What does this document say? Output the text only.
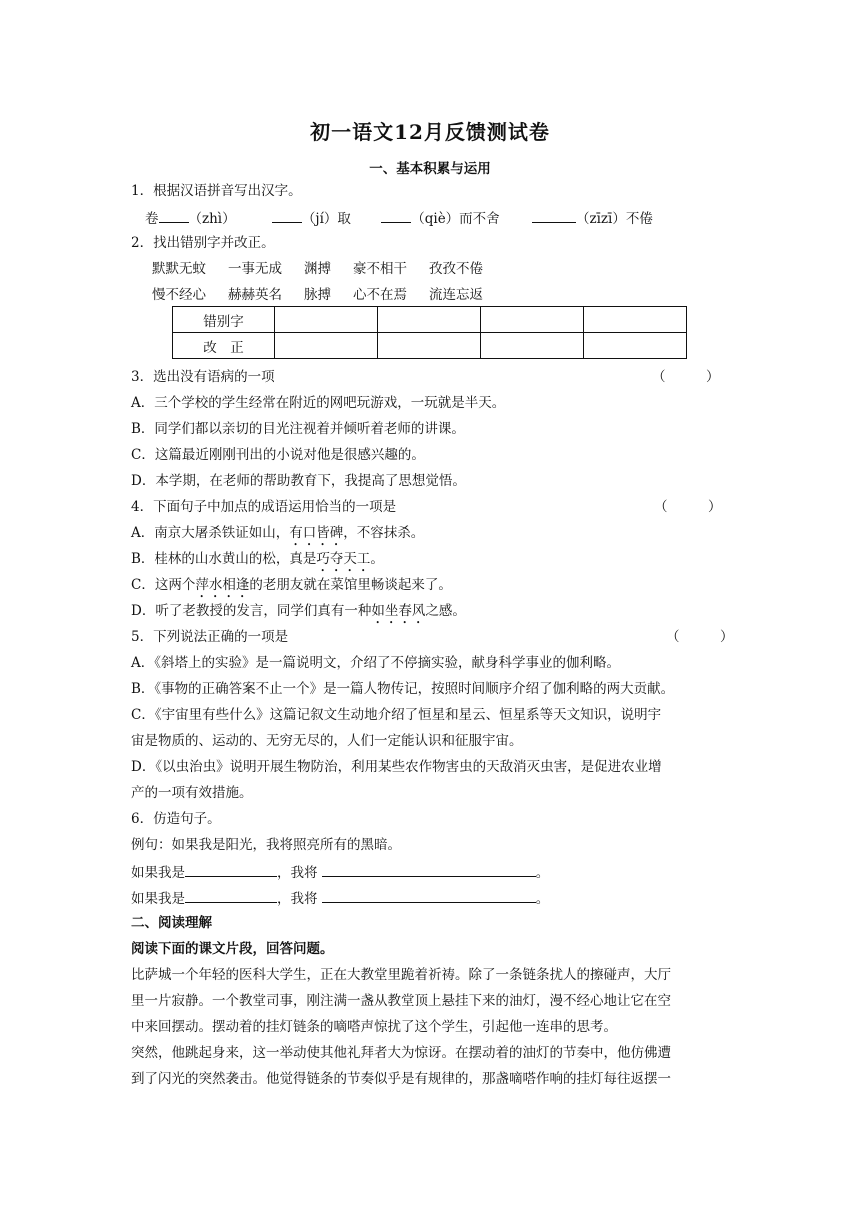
初一语文12月反馈测试卷
一、基本积累与运用
1．根据汉语拼音写出汉字。
卷 （zhì）	（jí）取	（qiè）而不舍	（zīzī）不倦
2．找出错别字并改正。
默默无蚊 一事无成 渊搏 豪不相干 孜孜不倦
慢不经心 赫赫英名 脉搏 心不在焉 流连忘返
错别字				
改　正				
3．选出没有语病的一项	（　　　）
A．三个学校的学生经常在附近的网吧玩游戏，一玩就是半天。
B．同学们都以亲切的目光注视着并倾听着老师的讲课。
C．这篇最近刚刚刊出的小说对他是很感兴趣的。
D．本学期，在老师的帮助教育下，我提高了思想觉悟。
4．下面句子中加点的成语运用恰当的一项是	（　　　）
A．南京大屠杀铁证如山，有口皆碑，不容抹杀。
B．桂林的山水黄山的松，真是巧夺天工。
C．这两个萍水相逢的老朋友就在菜馆里畅谈起来了。
D．听了老教授的发言，同学们真有一种如坐春风之感。
5．下列说法正确的一项是	（　　　）
A．《斜塔上的实验》是一篇说明文，介绍了不停摘实验，献身科学事业的伽利略。
B．《事物的正确答案不止一个》是一篇人物传记，按照时间顺序介绍了伽利略的两大贡献。
C．《宇宙里有些什么》这篇记叙文生动地介绍了恒星和星云、恒星系等天文知识，说明宇
宙是物质的、运动的、无穷无尽的，人们一定能认识和征服宇宙。
D．《以虫治虫》说明开展生物防治，利用某些农作物害虫的天敌消灭虫害，是促进农业增
产的一项有效措施。
6．仿造句子。
例句：如果我是阳光，我将照亮所有的黑暗。
如果我是	，我将	。
如果我是	，我将	。
二、阅读理解
阅读下面的课文片段，回答问题。
比萨城一个年轻的医科大学生，正在大教堂里跪着祈祷。除了一条链条扰人的擦碰声，大厅
里一片寂静。一个教堂司事，刚注满一盏从教堂顶上悬挂下来的油灯，漫不经心地让它在空
中来回摆动。摆动着的挂灯链条的嘀嗒声惊扰了这个学生，引起他一连串的思考。
突然，他跳起身来，这一举动使其他礼拜者大为惊讶。在摆动着的油灯的节奏中，他仿佛遭
到了闪光的突然袭击。他觉得链条的节奏似乎是有规律的，那盏嘀嗒作响的挂灯每往返摆一
